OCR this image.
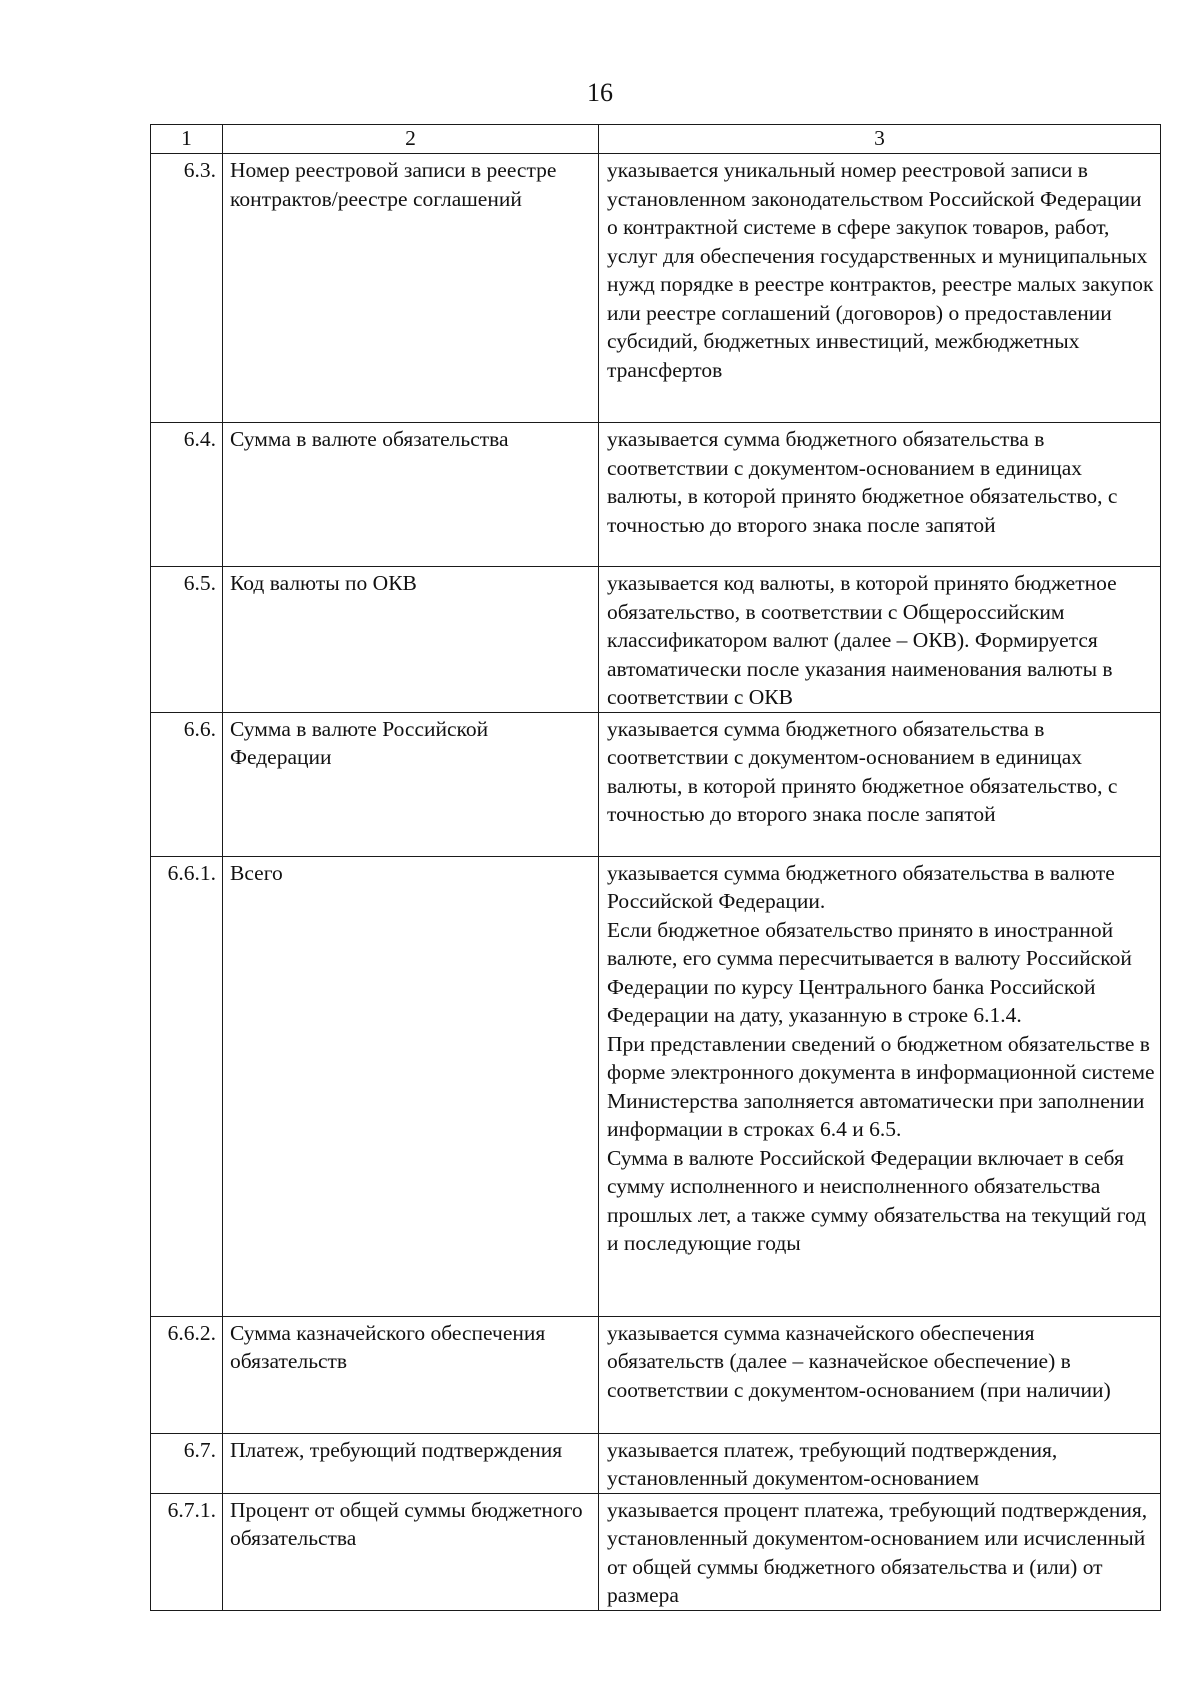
16
1	2	3
6.3.	Номер реестровой записи в реестре контрактов/реестре соглашений	указывается уникальный номер реестровой записи в установленном законодательством Российской Федерации о контрактной системе в сфере закупок товаров, работ, услуг для обеспечения государственных и муниципальных нужд порядке в реестре контрактов, реестре малых закупок или реестре соглашений (договоров) о предоставлении субсидий, бюджетных инвестиций, межбюджетных трансфертов

6.4.	Сумма в валюте обязательства	указывается сумма бюджетного обязательства в соответствии с документом-основанием в единицах валюты, в которой принято бюджетное обязательство, с точностью до второго знака после запятой

6.5.	Код валюты по ОКВ	указывается код валюты, в которой принято бюджетное обязательство, в соответствии с Общероссийским классификатором валют (далее – ОКВ). Формируется автоматически после указания наименования валюты в соответствии с ОКВ

6.6.	Сумма в валюте Российской Федерации	указывается сумма бюджетного обязательства в соответствии с документом-основанием в единицах валюты, в которой принято бюджетное обязательство, с точностью до второго знака после запятой

6.6.1.	Всего	указывается сумма бюджетного обязательства в валюте Российской Федерации.

Если бюджетное обязательство принято в иностранной валюте, его сумма пересчитывается в валюту Российской Федерации по курсу Центрального банка Российской Федерации на дату, указанную в строке 6.1.4.

При представлении сведений о бюджетном обязательстве в форме электронного документа в информационной системе Министерства заполняется автоматически при заполнении информации в строках 6.4 и 6.5.

Сумма в валюте Российской Федерации включает в себя сумму исполненного и неисполненного обязательства прошлых лет, а также сумму обязательства на текущий год и последующие годы

6.6.2.	Сумма казначейского обеспечения обязательств	указывается сумма казначейского обеспечения обязательств (далее – казначейское обеспечение) в соответствии с документом-основанием (при наличии)

6.7.	Платеж, требующий подтверждения	указывается платеж, требующий подтверждения, установленный документом-основанием

6.7.1.	Процент от общей суммы бюджетного обязательства	указывается процент платежа, требующий подтверждения, установленный документом-основанием или исчисленный от общей суммы бюджетного обязательства и (или) от размера
